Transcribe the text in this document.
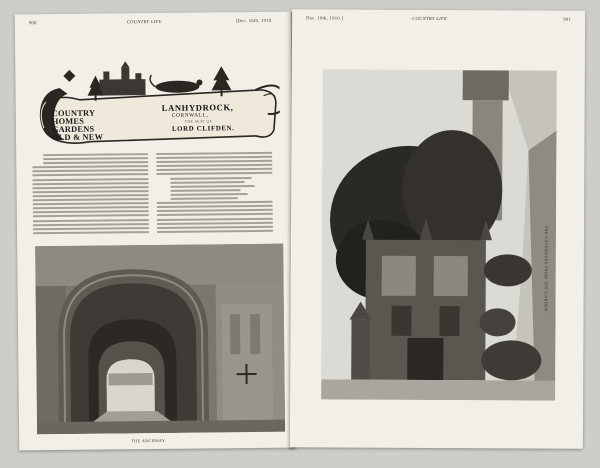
900	COUNTRY LIFE	[Dec. 10th, 1910.
COUNTRY
HOMES
GARDENS
OLD & NEW
LANHYDROCK,
CORNWALL,
THE SEAT OF
LORD CLIFDEN.

THE ARCHWAY.
Dec. 10th, 1910.]	COUNTRY LIFE	901
THE GATEHOUSE FROM THE GARDEN.
